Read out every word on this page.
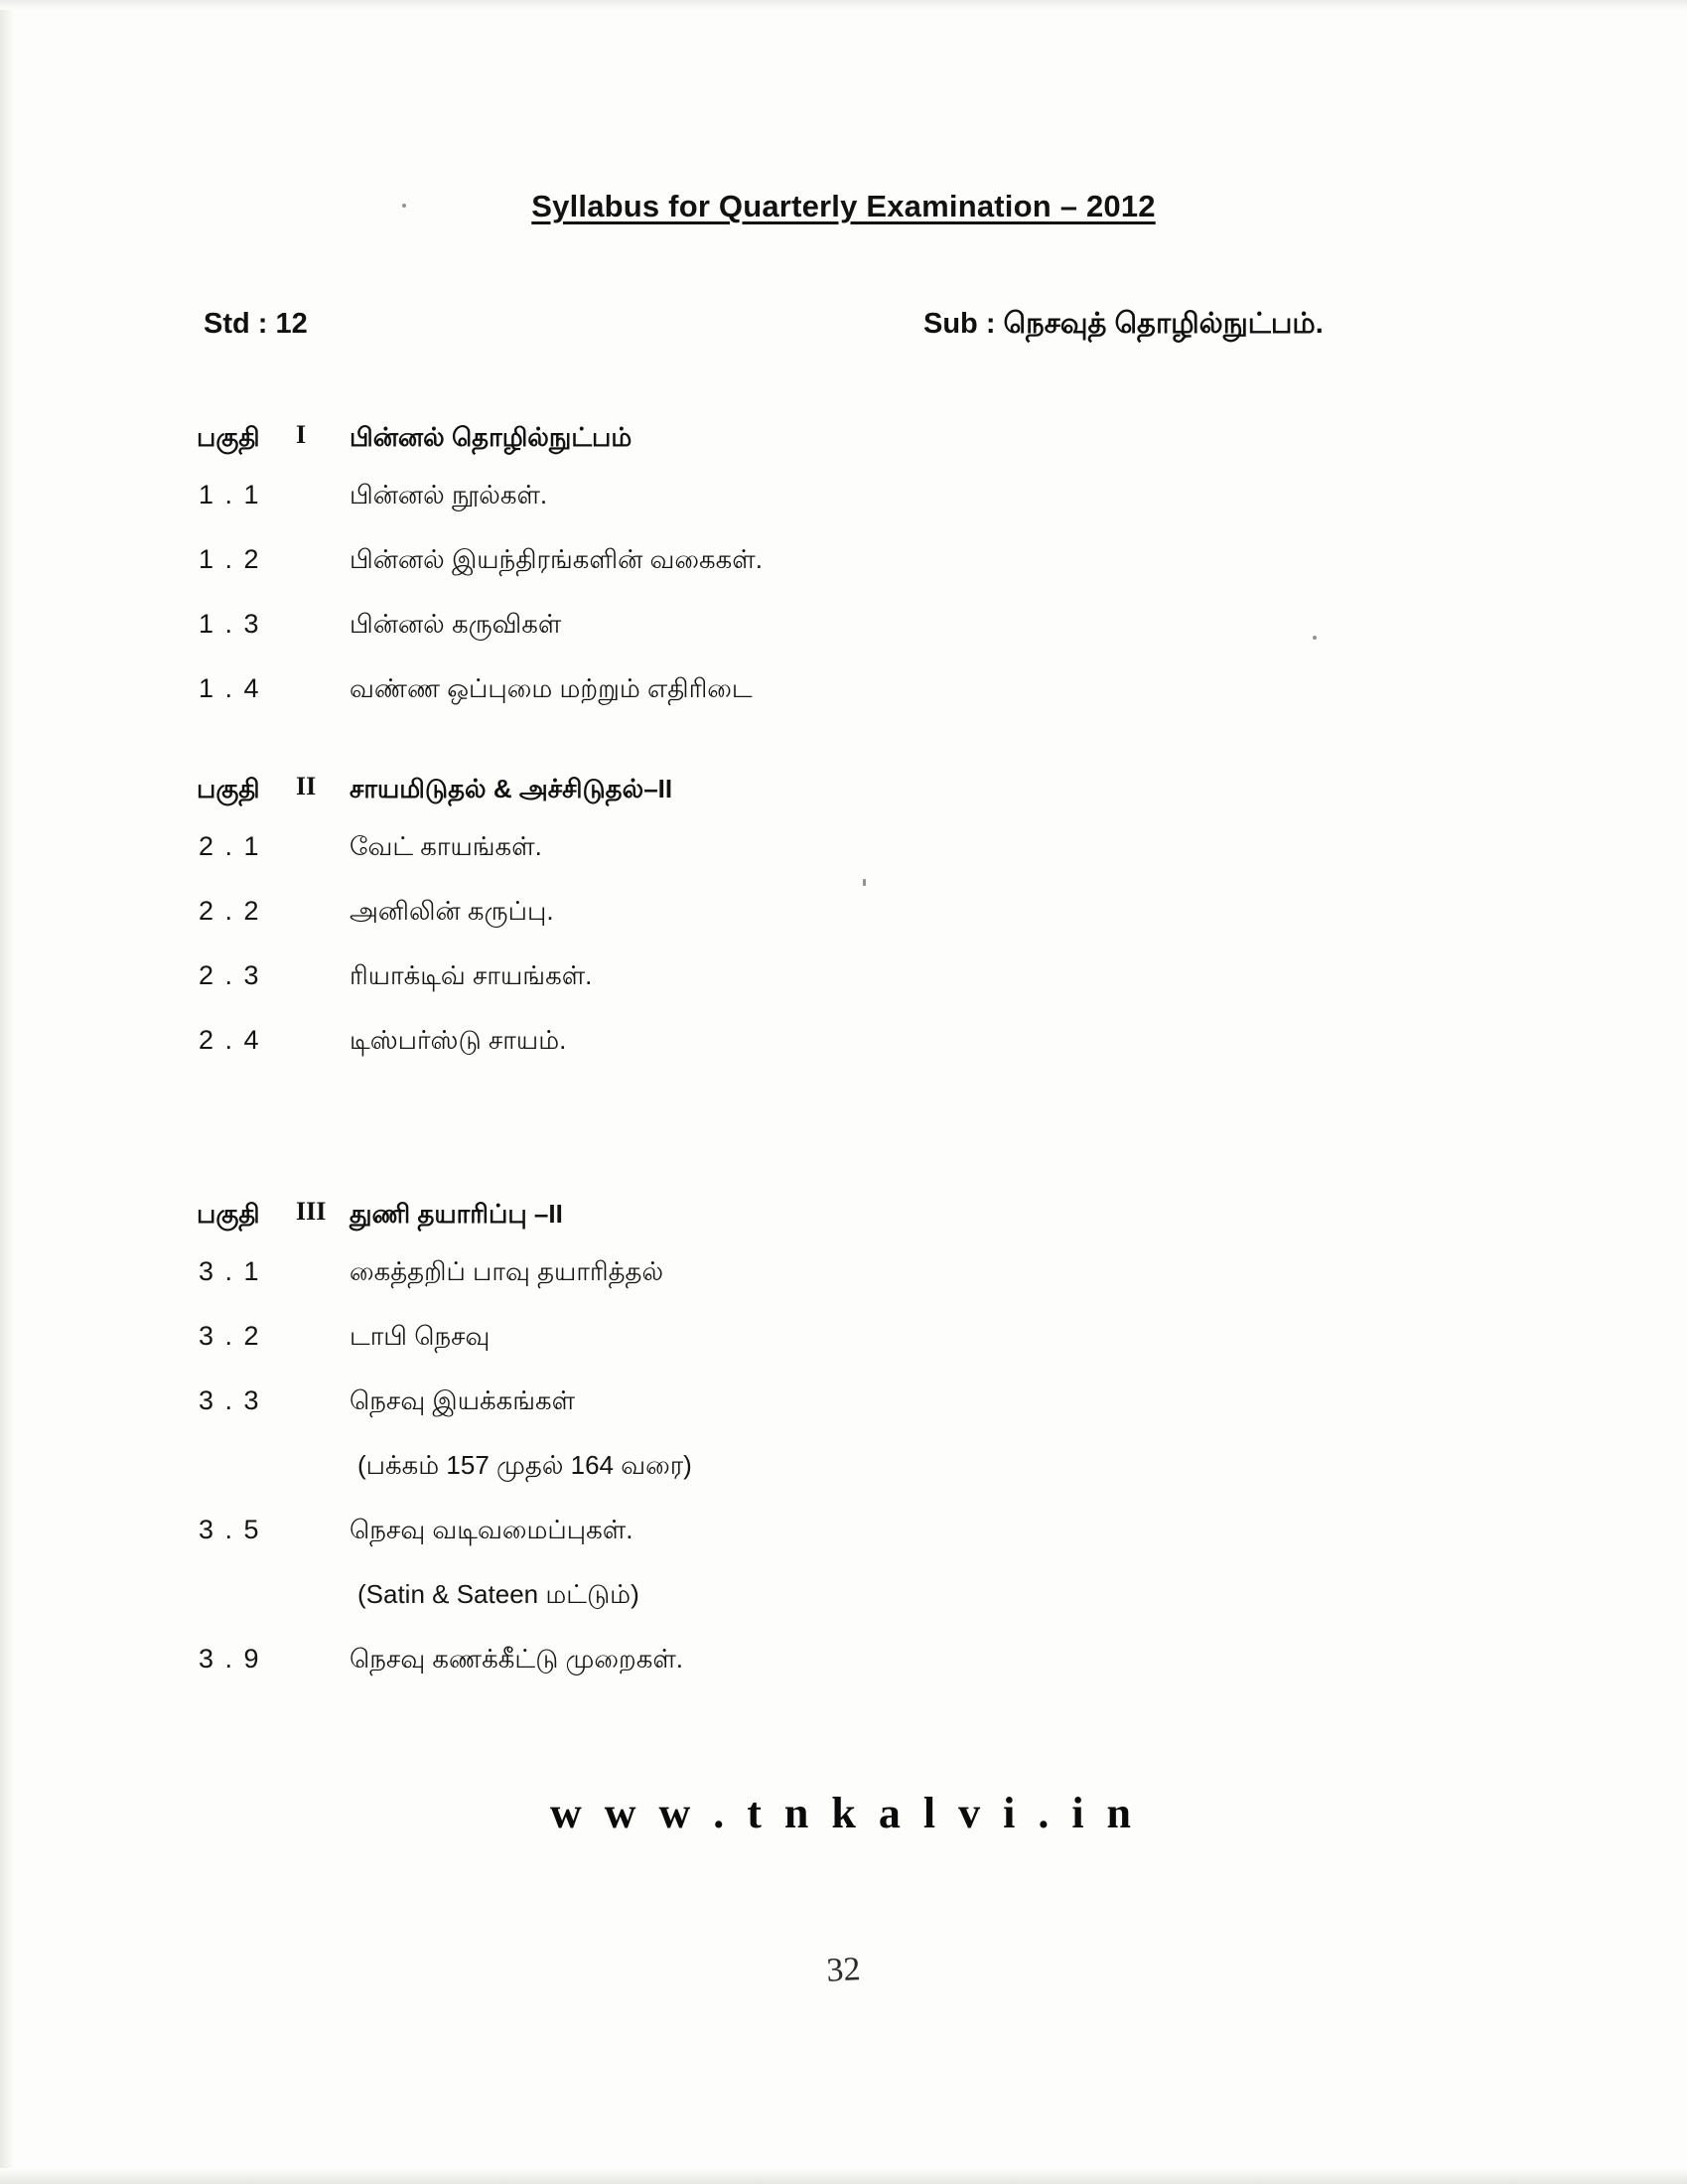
Syllabus for Quarterly Examination – 2012
Std : 12	Sub : நெசவுத் தொழில்நுட்பம்.
பகுதி I பின்னல் தொழில்நுட்பம்
1 . 1	பின்னல் நூல்கள்.
1 . 2	பின்னல் இயந்திரங்களின் வகைகள்.
1 . 3	பின்னல் கருவிகள்
1 . 4	வண்ண ஒப்புமை மற்றும் எதிரிடை
பகுதி II சாயமிடுதல் & அச்சிடுதல்–II
2 . 1	வேட் காயங்கள்.
2 . 2	அனிலின் கருப்பு.
2 . 3	ரியாக்டிவ் சாயங்கள்.
2 . 4	டிஸ்பர்ஸ்டு சாயம்.
பகுதி III துணி தயாரிப்பு –II
3 . 1	கைத்தறிப் பாவு தயாரித்தல்
3 . 2	டாபி நெசவு
3 . 3	நெசவு இயக்கங்கள்
(பக்கம் 157 முதல் 164 வரை)
3 . 5	நெசவு வடிவமைப்புகள்.
(Satin & Sateen மட்டும்)
3 . 9	நெசவு கணக்கீட்டு முறைகள்.
w w w . t n k a l v i . i n
32
